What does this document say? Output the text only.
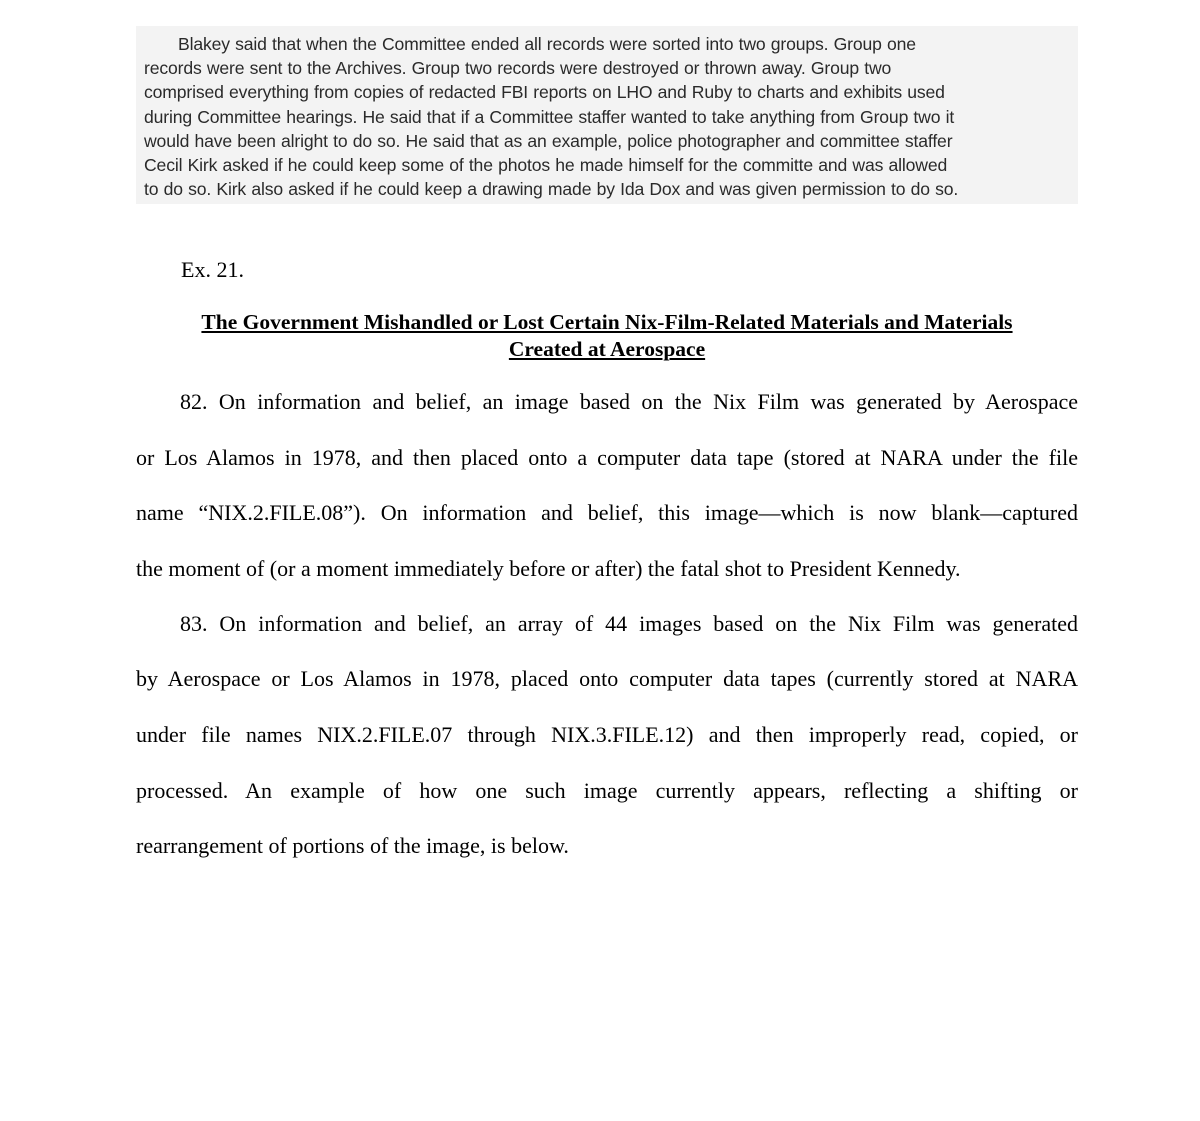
Blakey said that when the Committee ended all records were sorted into two groups. Group one
records were sent to the Archives. Group two records were destroyed or thrown away. Group two
comprised everything from copies of redacted FBI reports on LHO and Ruby to charts and exhibits used
during Committee hearings. He said that if a Committee staffer wanted to take anything from Group two it
would have been alright to do so. He said that as an example, police photographer and committee staffer
Cecil Kirk asked if he could keep some of the photos he made himself for the committe and was allowed
to do so. Kirk also asked if he could keep a drawing made by Ida Dox and was given permission to do so.
Ex. 21.
The Government Mishandled or Lost Certain Nix-Film-Related Materials and Materials
Created at Aerospace
82. On information and belief, an image based on the Nix Film was generated by Aerospace
or Los Alamos in 1978, and then placed onto a computer data tape (stored at NARA under the file
name “NIX.2.FILE.08”). On information and belief, this image—which is now blank—captured
the moment of (or a moment immediately before or after) the fatal shot to President Kennedy.
83. On information and belief, an array of 44 images based on the Nix Film was generated
by Aerospace or Los Alamos in 1978, placed onto computer data tapes (currently stored at NARA
under file names NIX.2.FILE.07 through NIX.3.FILE.12) and then improperly read, copied, or
processed. An example of how one such image currently appears, reflecting a shifting or
rearrangement of portions of the image, is below.
